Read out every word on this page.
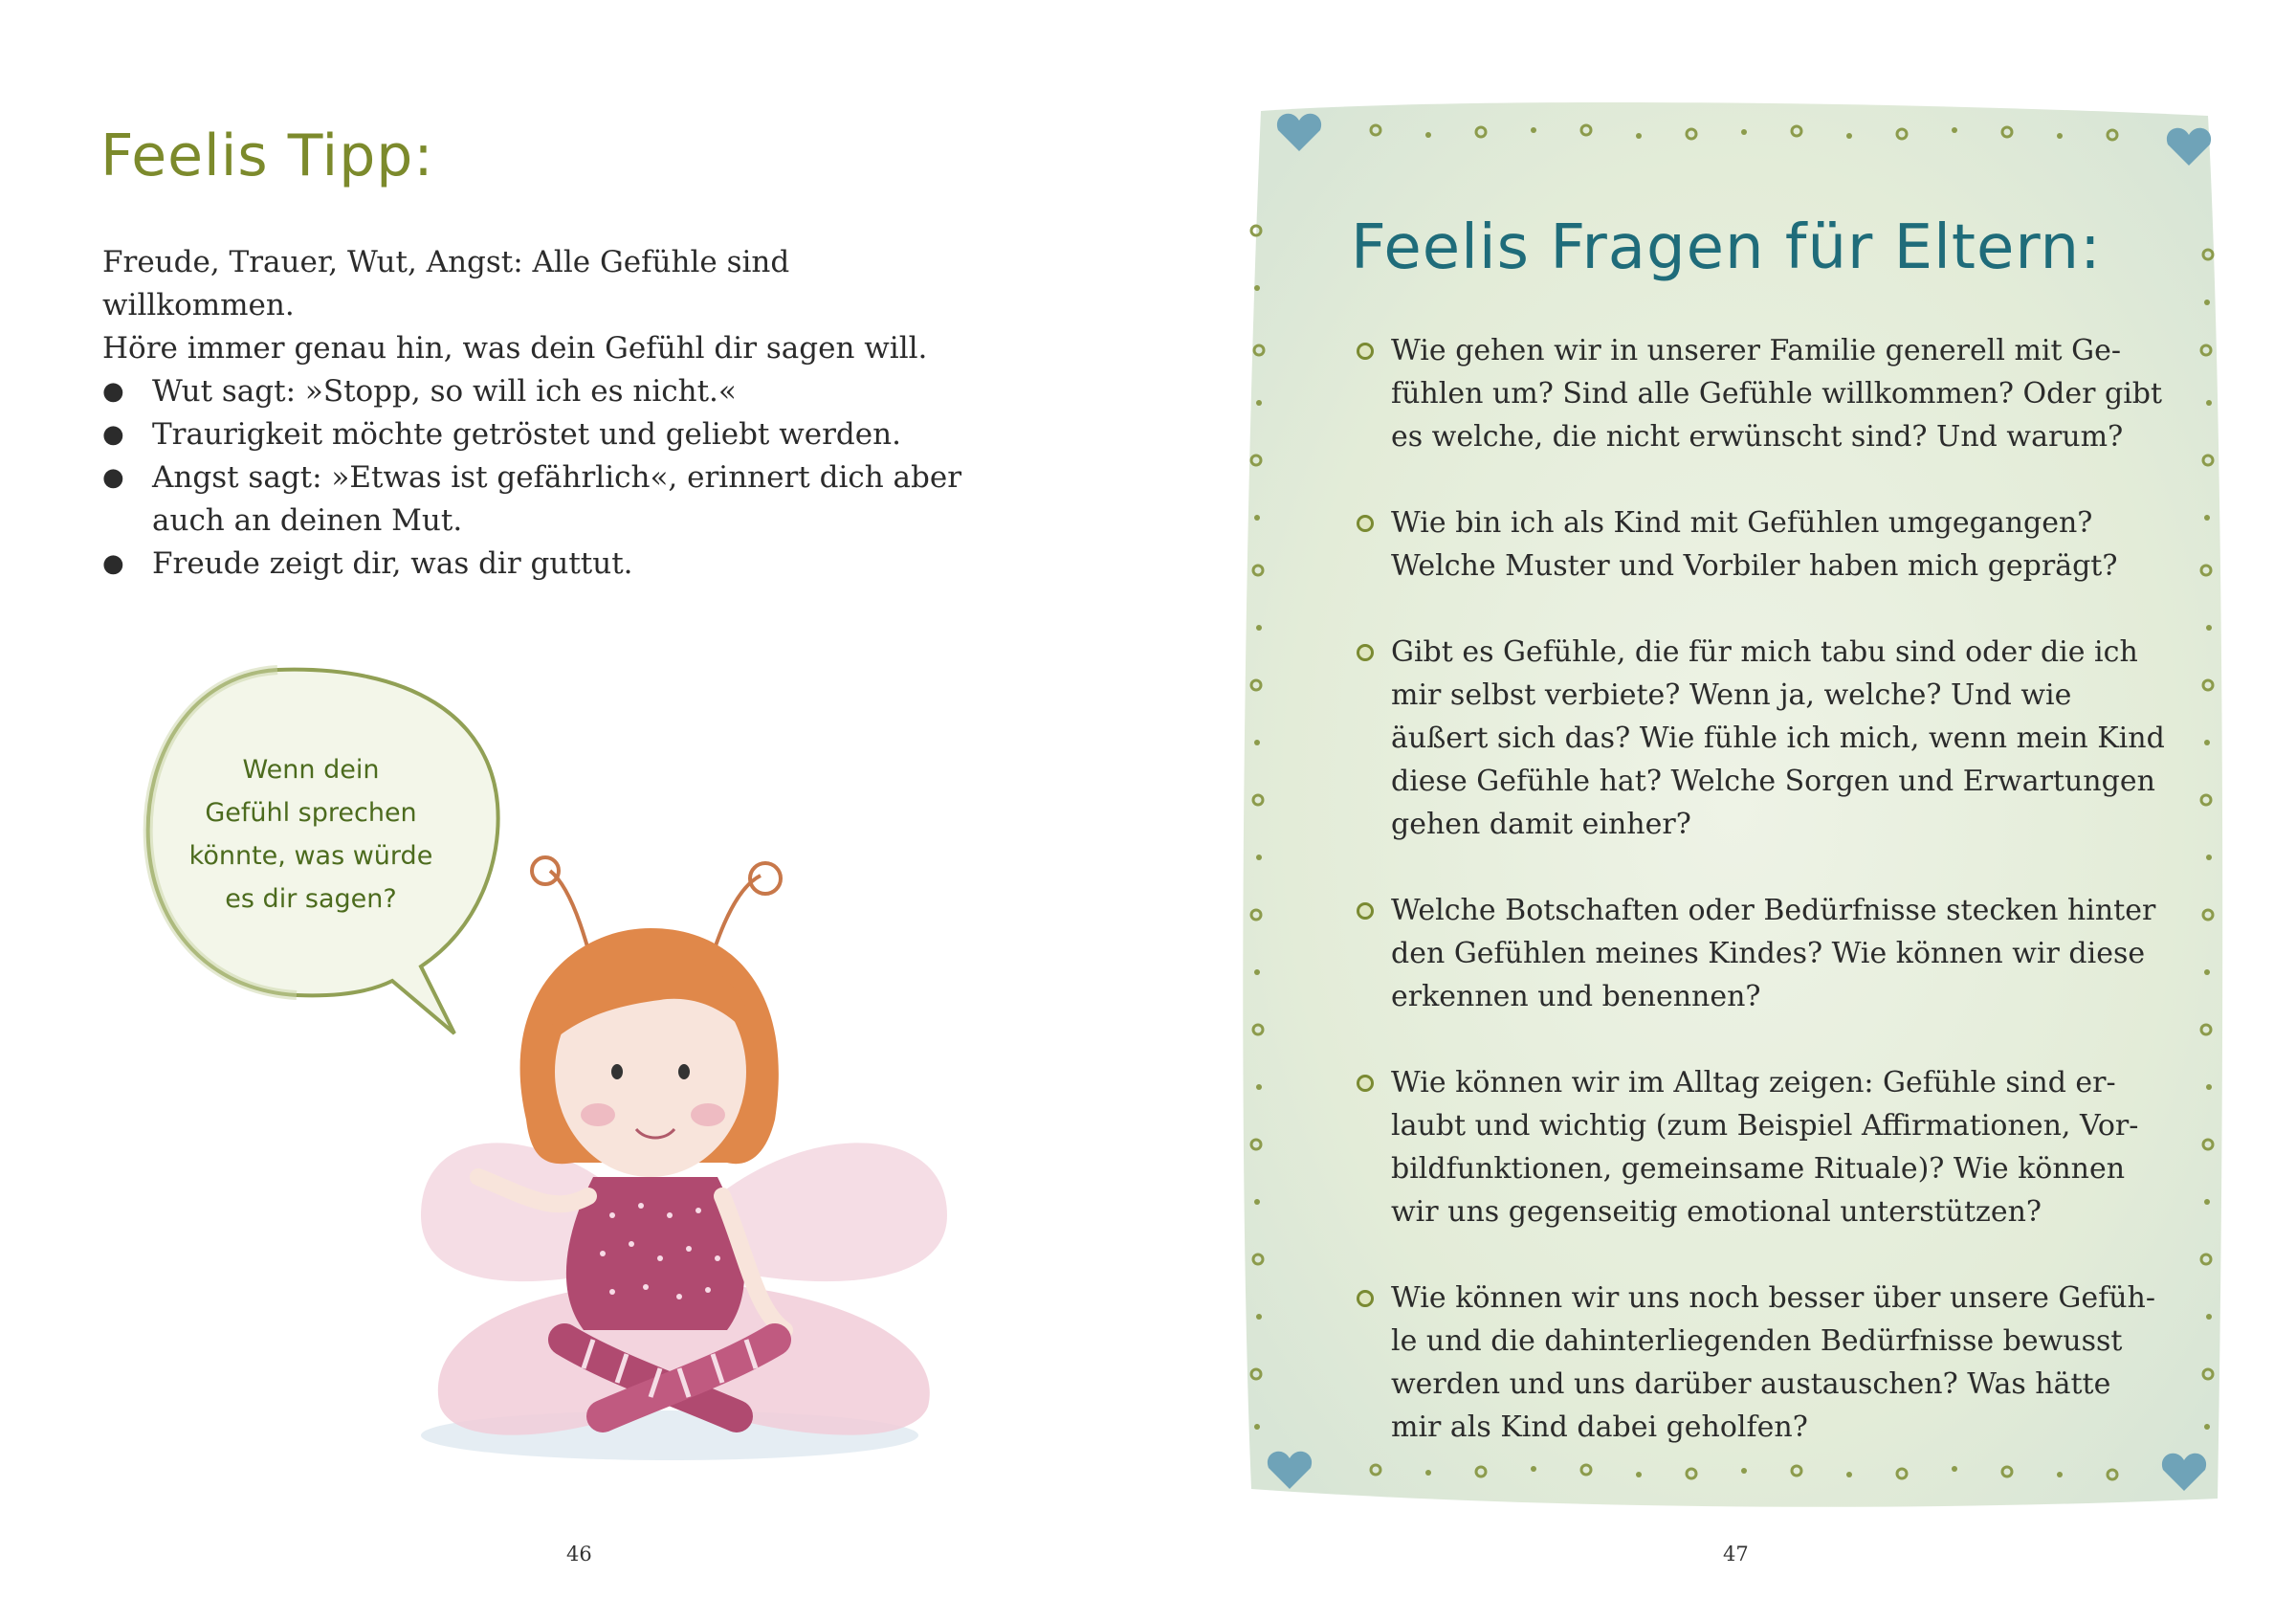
Feelis Tipp:

Freude, Trauer, Wut, Angst: Alle Gefühle sind willkommen.

Höre immer genau hin, was dein Gefühl dir sagen will.

● Wut sagt: »Stopp, so will ich es nicht.«
● Traurigkeit möchte getröstet und geliebt werden.
● Angst sagt: »Etwas ist gefährlich«, erinnert dich aber auch an deinen Mut.
● Freude zeigt dir, was dir guttut.
Wenn dein
Gefühl sprechen
könnte, was würde
es dir sagen?
46
Feelis Fragen für Eltern:
Wie gehen wir in unserer Familie generell mit Gefühlen um? Sind alle Gefühle willkommen? Oder gibt es welche, die nicht erwünscht sind? Und warum?
Wie bin ich als Kind mit Gefühlen umgegangen? Welche Muster und Vorbiler haben mich geprägt?
Gibt es Gefühle, die für mich tabu sind oder die ich mir selbst verbiete? Wenn ja, welche? Und wie äußert sich das? Wie fühle ich mich, wenn mein Kind diese Gefühle hat? Welche Sorgen und Erwartungen gehen damit einher?
Welche Botschaften oder Bedürfnisse stecken hinter den Gefühlen meines Kindes? Wie können wir diese erkennen und benennen?
Wie können wir im Alltag zeigen: Gefühle sind erlaubt und wichtig (zum Beispiel Affirmationen, Vorbildfunktionen, gemeinsame Rituale)? Wie können wir uns gegenseitig emotional unterstützen?
Wie können wir uns noch besser über unsere Gefühle und die dahinterliegenden Bedürfnisse bewusst werden und uns darüber austauschen? Was hätte mir als Kind dabei geholfen?
47
